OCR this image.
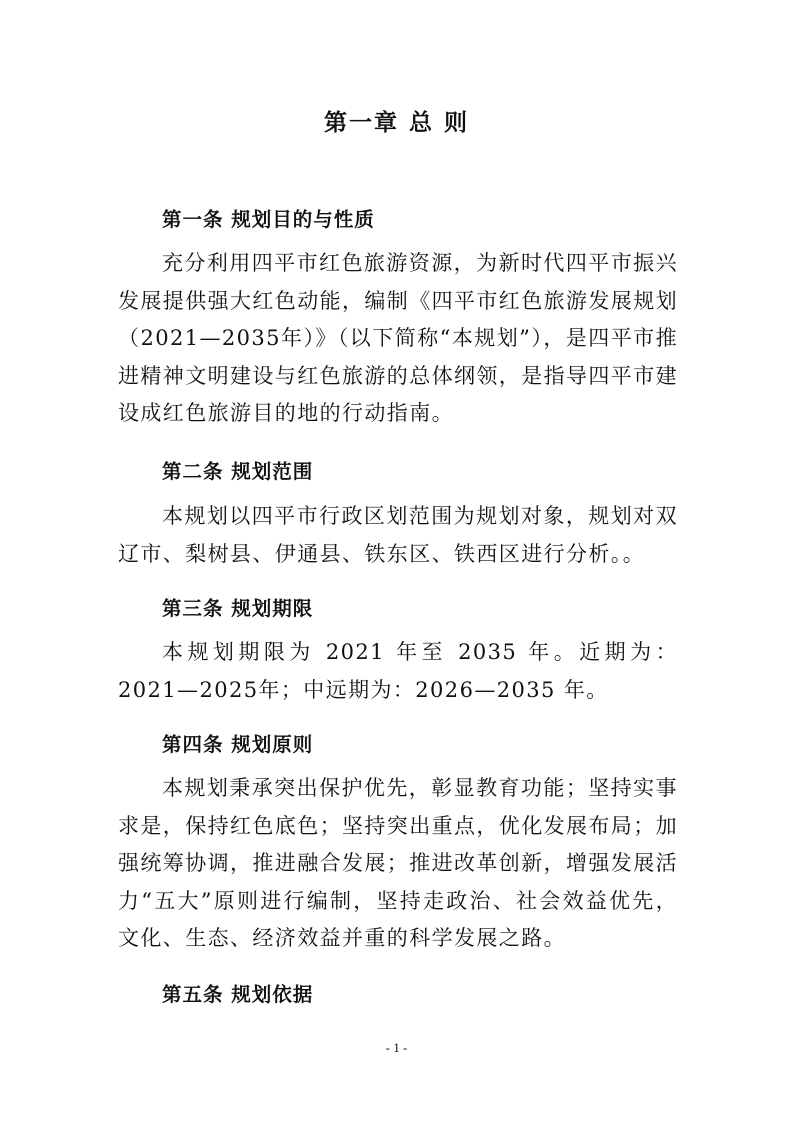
第一章 总 则
第一条 规划目的与性质
充分利用四平市红色旅游资源，为新时代四平市振兴发展提供强大红色动能，编制《四平市红色旅游发展规划（2021—2035年）》（以下简称“本规划”），是四平市推进精神文明建设与红色旅游的总体纲领，是指导四平市建设成红色旅游目的地的行动指南。
第二条 规划范围
本规划以四平市行政区划范围为规划对象，规划对双辽市、梨树县、伊通县、铁东区、铁西区进行分析。。
第三条 规划期限
本规划期限为 2021 年至 2035 年。近期为：2021—2025年；中远期为：2026—2035 年。
第四条 规划原则
本规划秉承突出保护优先，彰显教育功能；坚持实事求是，保持红色底色；坚持突出重点，优化发展布局；加强统筹协调，推进融合发展；推进改革创新，增强发展活力“五大”原则进行编制，坚持走政治、社会效益优先，文化、生态、经济效益并重的科学发展之路。
第五条 规划依据
- 1 -
